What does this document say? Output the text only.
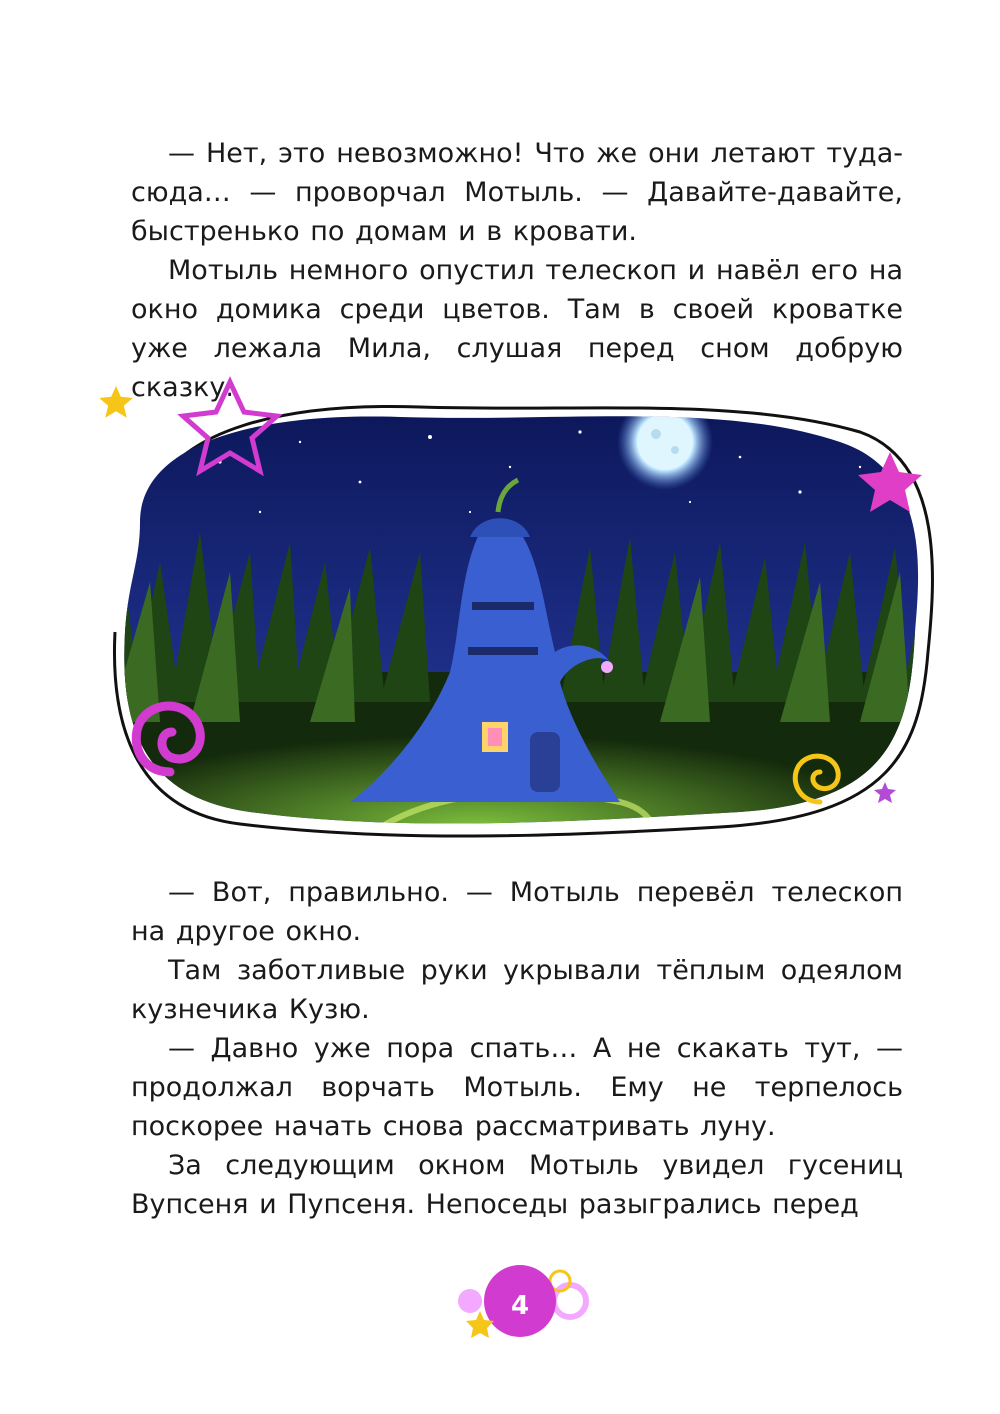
— Нет, это невозможно! Что же они летают туда-сюда… — проворчал Мотыль. — Давайте-давайте, быстренько по домам и в кровати.

Мотыль немного опустил телескоп и навёл его на окно домика среди цветов. Там в своей кроватке уже лежала Мила, слушая перед сном добрую сказку.

— Вот, правильно. — Мотыль перевёл телескоп на другое окно.

Там заботливые руки укрывали тёплым одеялом кузнечика Кузю.

— Давно уже пора спать… А не скакать тут, — продолжал ворчать Мотыль. Ему не терпелось поскорее начать снова рассматривать луну.

За следующим окном Мотыль увидел гусениц Вупсеня и Пупсеня. Непоседы разыгрались перед

4
